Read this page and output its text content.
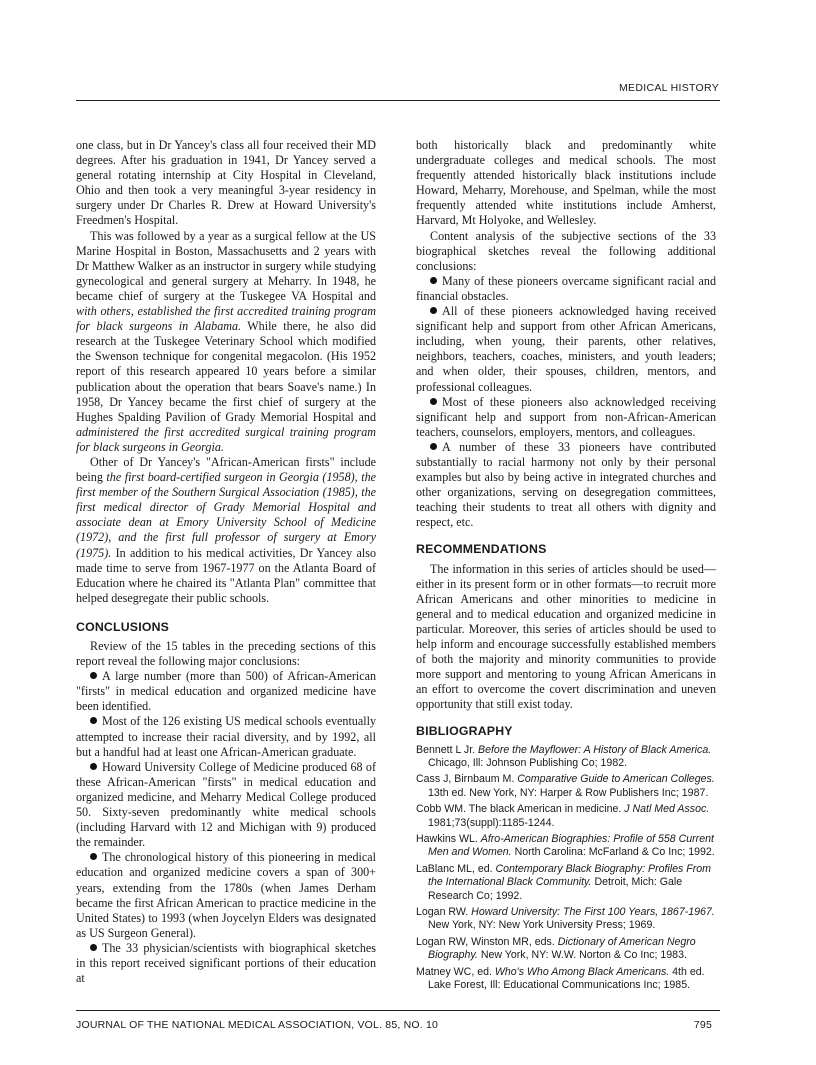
MEDICAL HISTORY

one class, but in Dr Yancey's class all four received their MD degrees. After his graduation in 1941, Dr Yancey served a general rotating internship at City Hospital in Cleveland, Ohio and then took a very meaningful 3-year residency in surgery under Dr Charles R. Drew at Howard University's Freedmen's Hospital.

This was followed by a year as a surgical fellow at the US Marine Hospital in Boston, Massachusetts and 2 years with Dr Matthew Walker as an instructor in surgery while studying gynecological and general surgery at Meharry. In 1948, he became chief of surgery at the Tuskegee VA Hospital and with others, established the first accredited training program for black surgeons in Alabama. While there, he also did research at the Tuskegee Veterinary School which modified the Swenson technique for congenital megacolon. (His 1952 report of this research appeared 10 years before a similar publication about the operation that bears Soave's name.) In 1958, Dr Yancey became the first chief of surgery at the Hughes Spalding Pavilion of Grady Memorial Hospital and administered the first accredited surgical training program for black surgeons in Georgia.

Other of Dr Yancey's "African-American firsts" include being the first board-certified surgeon in Georgia (1958), the first member of the Southern Surgical Association (1985), the first medical director of Grady Memorial Hospital and associate dean at Emory University School of Medicine (1972), and the first full professor of surgery at Emory (1975). In addition to his medical activities, Dr Yancey also made time to serve from 1967-1977 on the Atlanta Board of Education where he chaired its "Atlanta Plan" committee that helped desegregate their public schools.

CONCLUSIONS

Review of the 15 tables in the preceding sections of this report reveal the following major conclusions:

A large number (more than 500) of African-American "firsts" in medical education and organized medicine have been identified.

Most of the 126 existing US medical schools eventually attempted to increase their racial diversity, and by 1992, all but a handful had at least one African-American graduate.

Howard University College of Medicine produced 68 of these African-American "firsts" in medical education and organized medicine, and Meharry Medical College produced 50. Sixty-seven predominantly white medical schools (including Harvard with 12 and Michigan with 9) produced the remainder.

The chronological history of this pioneering in medical education and organized medicine covers a span of 300+ years, extending from the 1780s (when James Derham became the first African American to practice medicine in the United States) to 1993 (when Joycelyn Elders was designated as US Surgeon General).

The 33 physician/scientists with biographical sketches in this report received significant portions of their education at

both historically black and predominantly white undergraduate colleges and medical schools. The most frequently attended historically black institutions include Howard, Meharry, Morehouse, and Spelman, while the most frequently attended white institutions include Amherst, Harvard, Mt Holyoke, and Wellesley.

Content analysis of the subjective sections of the 33 biographical sketches reveal the following additional conclusions:

Many of these pioneers overcame significant racial and financial obstacles.

All of these pioneers acknowledged having received significant help and support from other African Americans, including, when young, their parents, other relatives, neighbors, teachers, coaches, ministers, and youth leaders; and when older, their spouses, children, mentors, and professional colleagues.

Most of these pioneers also acknowledged receiving significant help and support from non-African-American teachers, counselors, employers, mentors, and colleagues.

A number of these 33 pioneers have contributed substantially to racial harmony not only by their personal examples but also by being active in integrated churches and other organizations, serving on desegregation committees, teaching their students to treat all others with dignity and respect, etc.

RECOMMENDATIONS

The information in this series of articles should be used—either in its present form or in other formats—to recruit more African Americans and other minorities to medicine in general and to medical education and organized medicine in particular. Moreover, this series of articles should be used to help inform and encourage successfully established members of both the majority and minority communities to provide more support and mentoring to young African Americans in an effort to overcome the covert discrimination and uneven opportunity that still exist today.

BIBLIOGRAPHY
Bennett L Jr. Before the Mayflower: A History of Black America. Chicago, Ill: Johnson Publishing Co; 1982.
Cass J, Birnbaum M. Comparative Guide to American Colleges. 13th ed. New York, NY: Harper & Row Publishers Inc; 1987.
Cobb WM. The black American in medicine. J Natl Med Assoc. 1981;73(suppl):1185-1244.
Hawkins WL. Afro-American Biographies: Profile of 558 Current Men and Women. North Carolina: McFarland & Co Inc; 1992.
LaBlanc ML, ed. Contemporary Black Biography: Profiles From the International Black Community. Detroit, Mich: Gale Research Co; 1992.
Logan RW. Howard University: The First 100 Years, 1867-1967. New York, NY: New York University Press; 1969.
Logan RW, Winston MR, eds. Dictionary of American Negro Biography. New York, NY: W.W. Norton & Co Inc; 1983.
Matney WC, ed. Who's Who Among Black Americans. 4th ed. Lake Forest, Ill: Educational Communications Inc; 1985.
JOURNAL OF THE NATIONAL MEDICAL ASSOCIATION, VOL. 85, NO. 10	795
